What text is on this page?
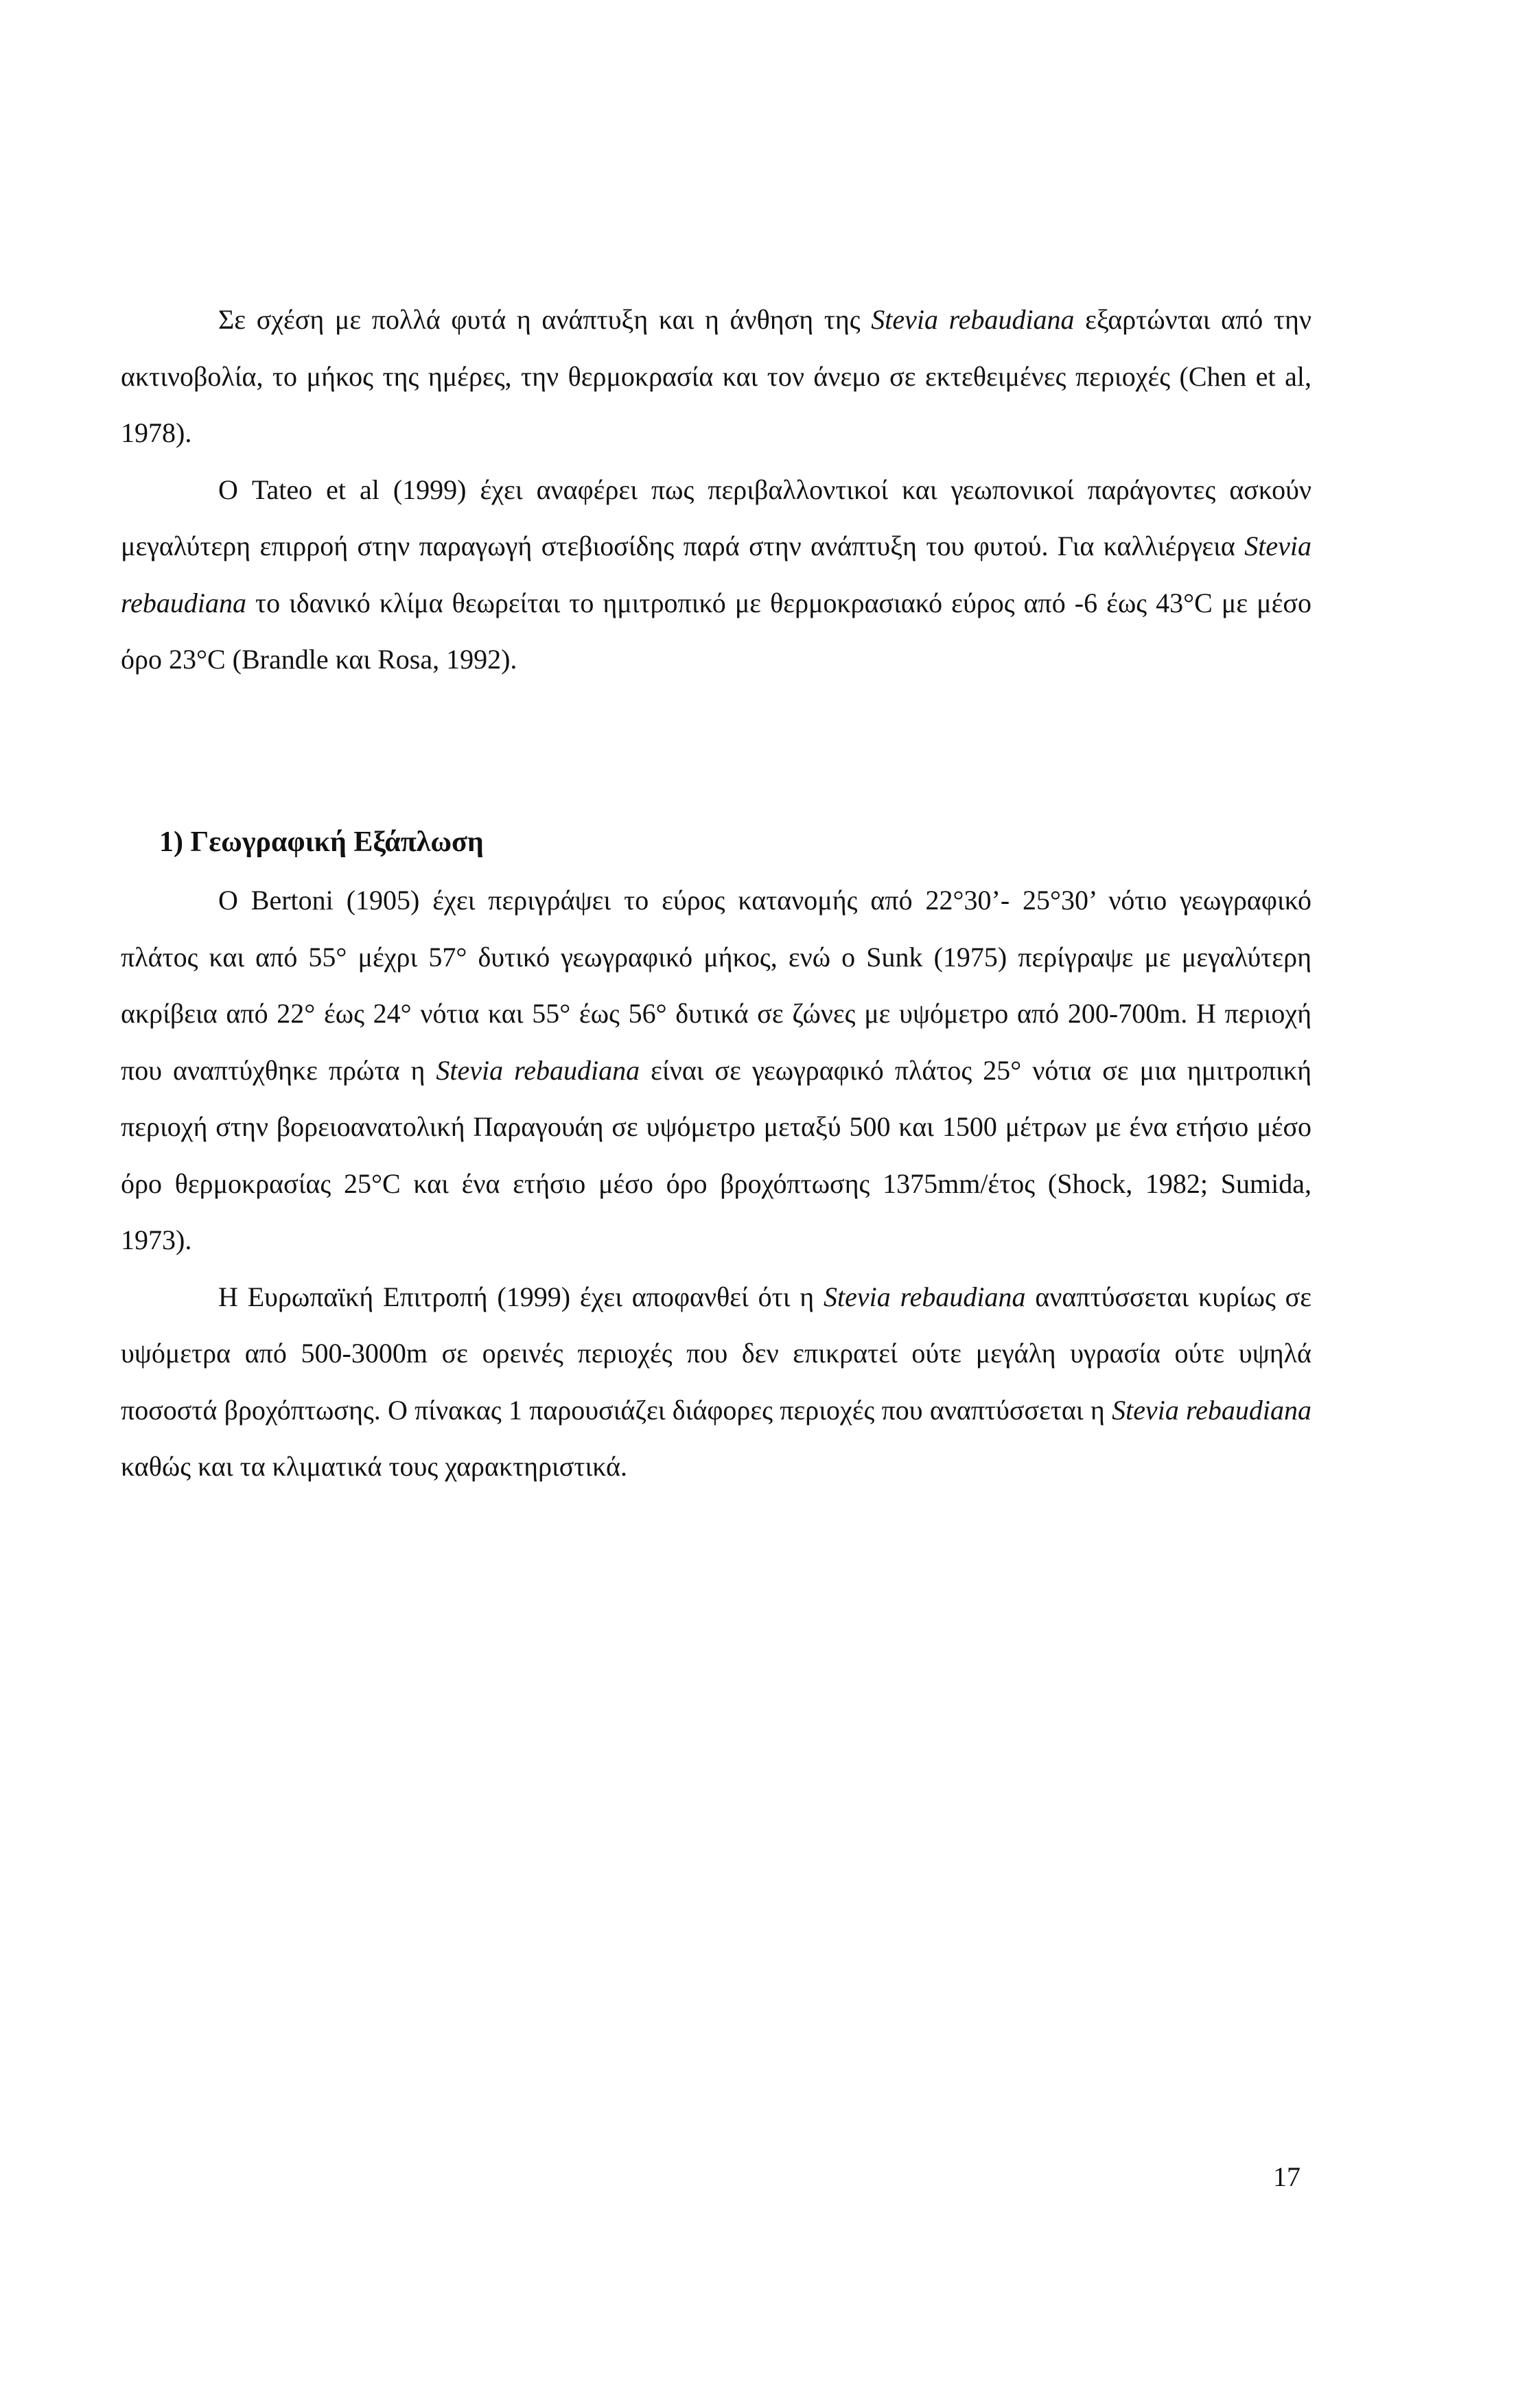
Σε σχέση με πολλά φυτά η ανάπτυξη και η άνθηση της Stevia rebaudiana εξαρτώνται από την ακτινοβολία, το μήκος της ημέρες, την θερμοκρασία και τον άνεμο σε εκτεθειμένες περιοχές (Chen et al, 1978).

Ο Tateo et al (1999) έχει αναφέρει πως περιβαλλοντικοί και γεωπονικοί παράγοντες ασκούν μεγαλύτερη επιρροή στην παραγωγή στεβιοσίδης παρά στην ανάπτυξη του φυτού. Για καλλιέργεια Stevia rebaudiana το ιδανικό κλίμα θεωρείται το ημιτροπικό με θερμοκρασιακό εύρος από -6 έως 43°C με μέσο όρο 23°C (Brandle και Rosa, 1992).

1) Γεωγραφική Εξάπλωση

Ο Bertoni (1905) έχει περιγράψει το εύρος κατανομής από 22°30’- 25°30’ νότιο γεωγραφικό πλάτος και από 55° μέχρι 57° δυτικό γεωγραφικό μήκος, ενώ ο Sunk (1975) περίγραψε με μεγαλύτερη ακρίβεια από 22° έως 24° νότια και 55° έως 56° δυτικά σε ζώνες με υψόμετρο από 200-700m. Η περιοχή που αναπτύχθηκε πρώτα η Stevia rebaudiana είναι σε γεωγραφικό πλάτος 25° νότια σε μια ημιτροπική περιοχή στην βορειοανατολική Παραγουάη σε υψόμετρο μεταξύ 500 και 1500 μέτρων με ένα ετήσιο μέσο όρο θερμοκρασίας 25°C και ένα ετήσιο μέσο όρο βροχόπτωσης 1375mm/έτος (Shock, 1982; Sumida, 1973).

Η Ευρωπαϊκή Επιτροπή (1999) έχει αποφανθεί ότι η Stevia rebaudiana αναπτύσσεται κυρίως σε υψόμετρα από 500-3000m σε ορεινές περιοχές που δεν επικρατεί ούτε μεγάλη υγρασία ούτε υψηλά ποσοστά βροχόπτωσης. Ο πίνακας 1 παρουσιάζει διάφορες περιοχές που αναπτύσσεται η Stevia rebaudiana καθώς και τα κλιματικά τους χαρακτηριστικά.

17
